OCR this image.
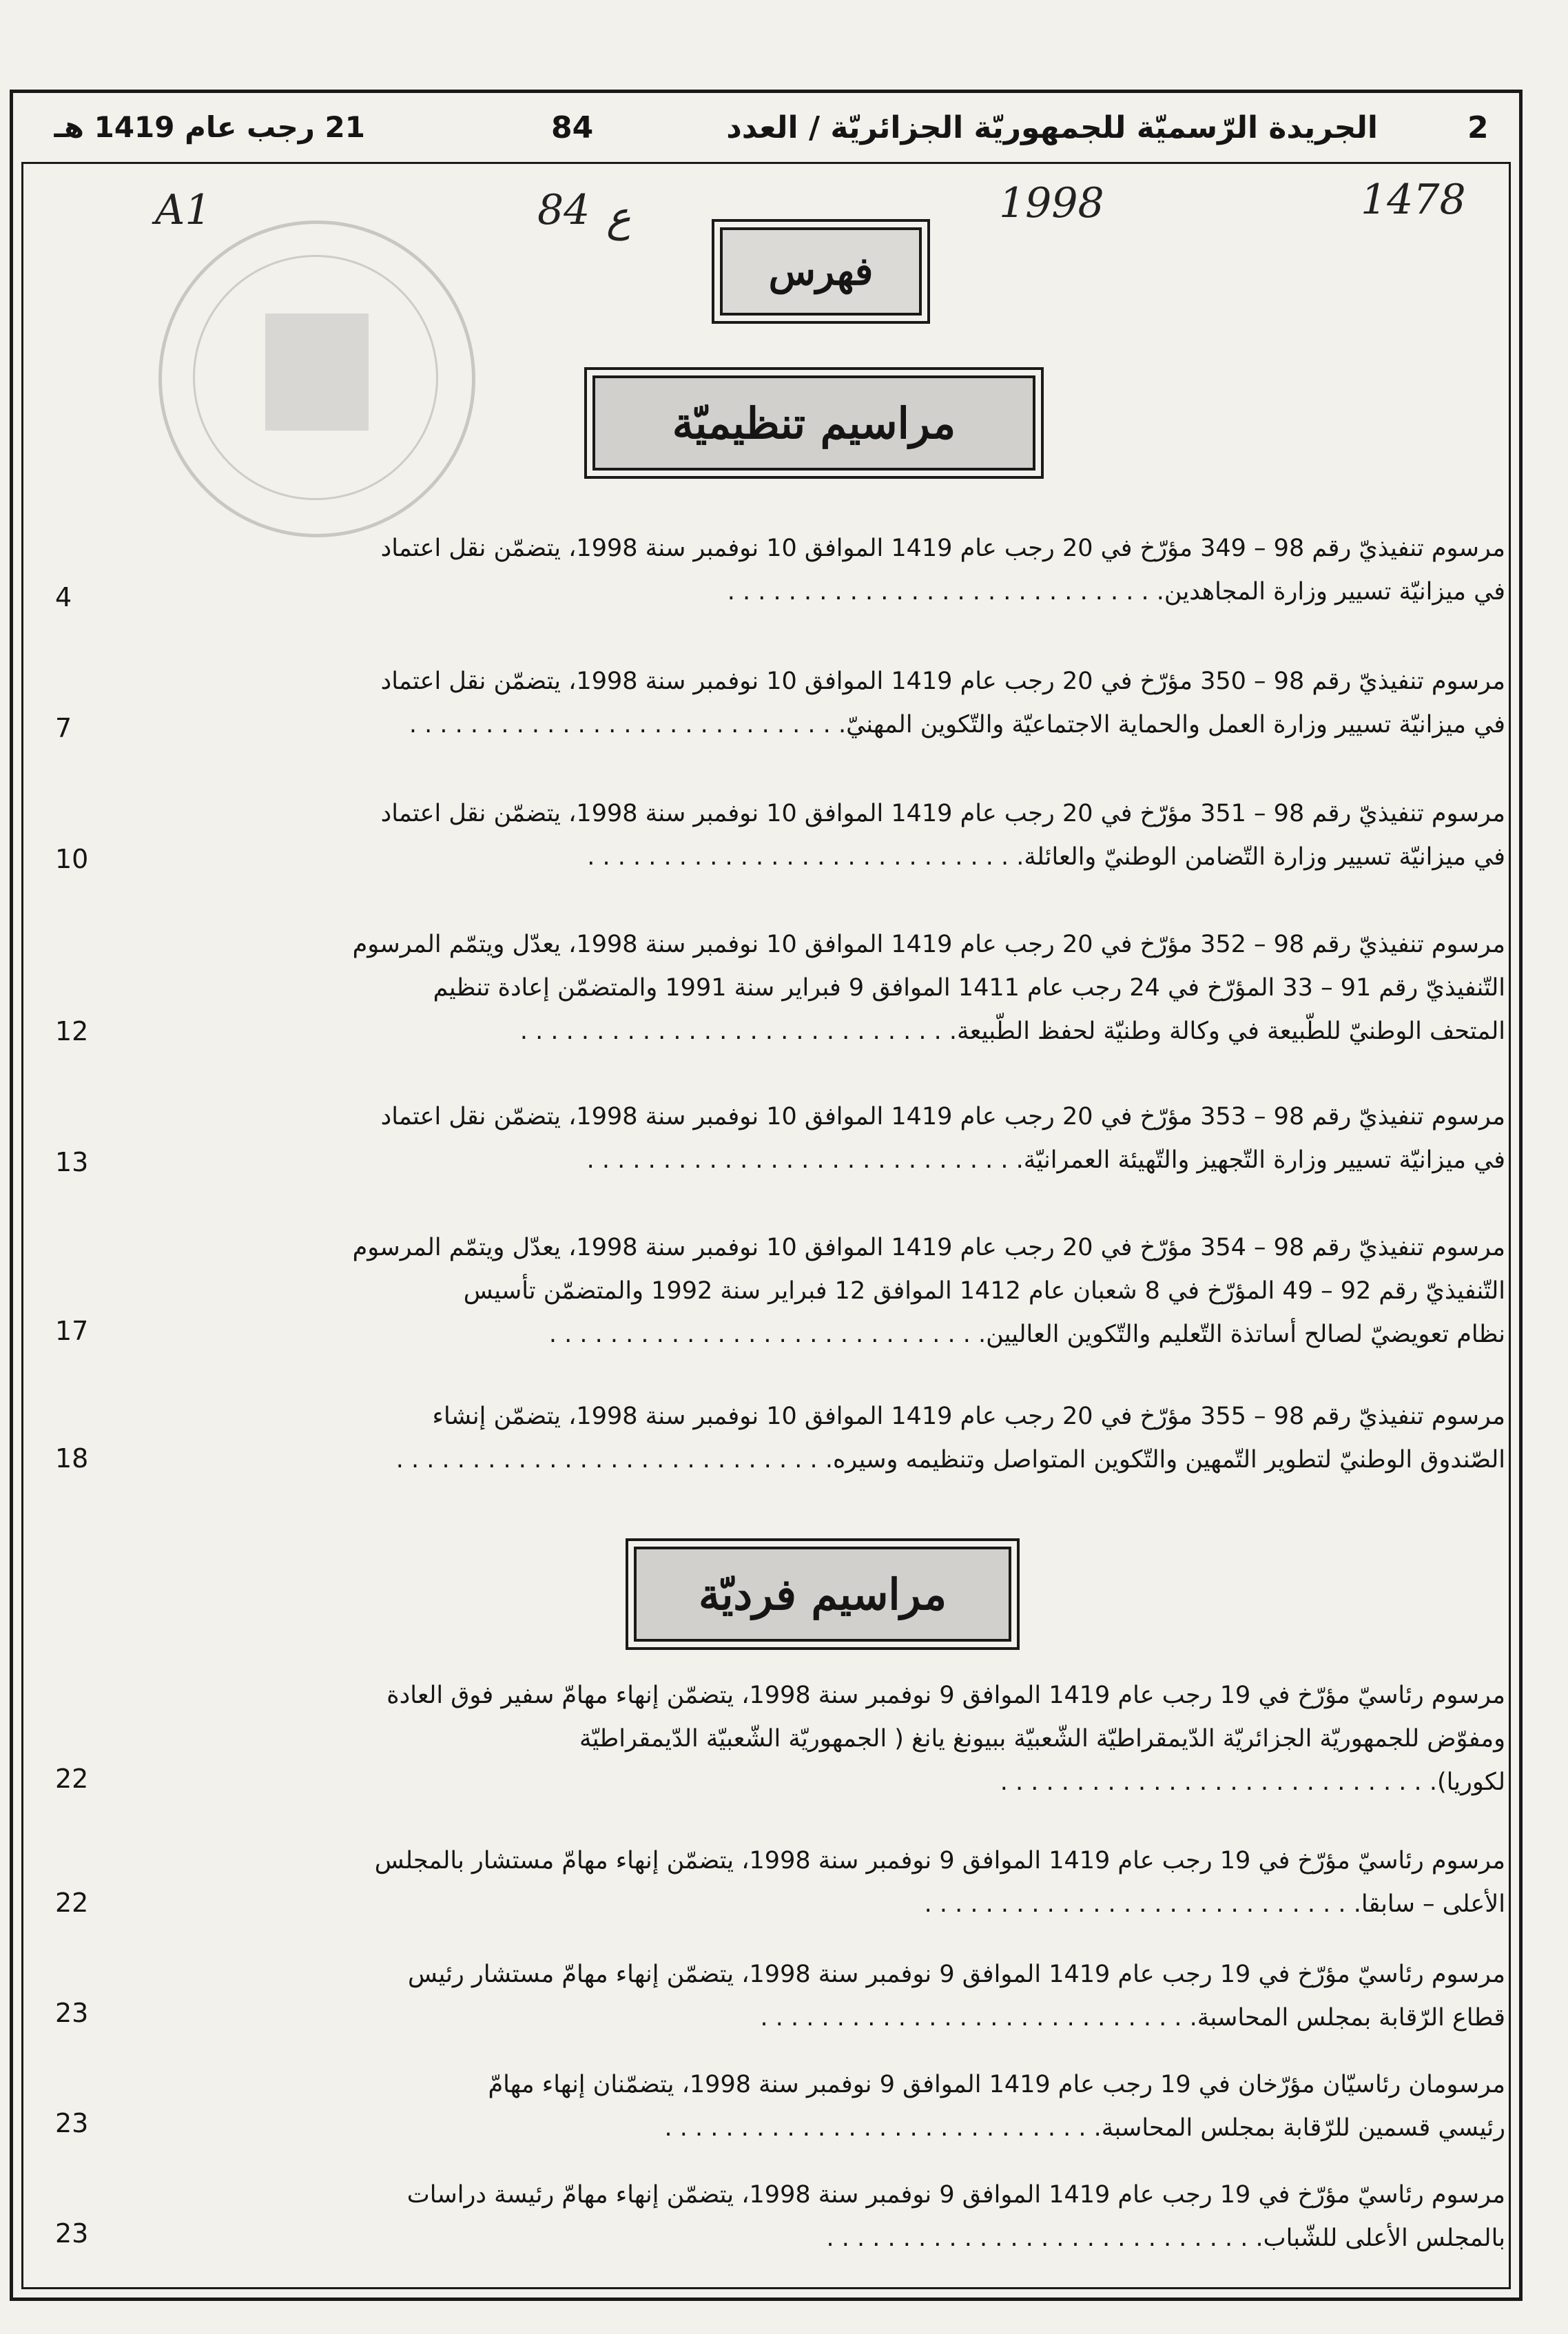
2
الجريدة الرّسميّة للجمهوريّة الجزائريّة / العدد
84
21 رجب عام 1419 هـ
A1	84 ع	1998	1478
فهرس
مراسيم تنظيميّة
مراسيم فرديّة

مرسوم تنفيذيّ رقم 98 – 349 مؤرّخ في 20 رجب عام 1419 الموافق 10 نوفمبر سنة 1998، يتضمّن نقل اعتماد

في ميزانيّة تسيير وزارة المجاهدين. . . . . . . . . . . . . . . . . . . . . . . . . . . . .

4

مرسوم تنفيذيّ رقم 98 – 350 مؤرّخ في 20 رجب عام 1419 الموافق 10 نوفمبر سنة 1998، يتضمّن نقل اعتماد

في ميزانيّة تسيير وزارة العمل والحماية الاجتماعيّة والتّكوين المهنيّ. . . . . . . . . . . . . . . . . . . . . . . . . . . . .

7

مرسوم تنفيذيّ رقم 98 – 351 مؤرّخ في 20 رجب عام 1419 الموافق 10 نوفمبر سنة 1998، يتضمّن نقل اعتماد

في ميزانيّة تسيير وزارة التّضامن الوطنيّ والعائلة. . . . . . . . . . . . . . . . . . . . . . . . . . . . .

10

مرسوم تنفيذيّ رقم 98 – 352 مؤرّخ في 20 رجب عام 1419 الموافق 10 نوفمبر سنة 1998، يعدّل ويتمّم المرسوم

التّنفيذيّ رقم 91 – 33 المؤرّخ في 24 رجب عام 1411 الموافق 9 فبراير سنة 1991 والمتضمّن إعادة تنظيم

المتحف الوطنيّ للطّبيعة في وكالة وطنيّة لحفظ الطّبيعة. . . . . . . . . . . . . . . . . . . . . . . . . . . . .

12

مرسوم تنفيذيّ رقم 98 – 353 مؤرّخ في 20 رجب عام 1419 الموافق 10 نوفمبر سنة 1998، يتضمّن نقل اعتماد

في ميزانيّة تسيير وزارة التّجهيز والتّهيئة العمرانيّة. . . . . . . . . . . . . . . . . . . . . . . . . . . . .

13

مرسوم تنفيذيّ رقم 98 – 354 مؤرّخ في 20 رجب عام 1419 الموافق 10 نوفمبر سنة 1998، يعدّل ويتمّم المرسوم

التّنفيذيّ رقم 92 – 49 المؤرّخ في 8 شعبان عام 1412 الموافق 12 فبراير سنة 1992 والمتضمّن تأسيس

نظام تعويضيّ لصالح أساتذة التّعليم والتّكوين العاليين. . . . . . . . . . . . . . . . . . . . . . . . . . . . .

17

مرسوم تنفيذيّ رقم 98 – 355 مؤرّخ في 20 رجب عام 1419 الموافق 10 نوفمبر سنة 1998، يتضمّن إنشاء

الصّندوق الوطنيّ لتطوير التّمهين والتّكوين المتواصل وتنظيمه وسيره. . . . . . . . . . . . . . . . . . . . . . . . . . . . .

18

مرسوم رئاسيّ مؤرّخ في 19 رجب عام 1419 الموافق 9 نوفمبر سنة 1998، يتضمّن إنهاء مهامّ سفير فوق العادة

ومفوّض للجمهوريّة الجزائريّة الدّيمقراطيّة الشّعبيّة ببيونغ يانغ ( الجمهوريّة الشّعبيّة الدّيمقراطيّة

لكوريا). . . . . . . . . . . . . . . . . . . . . . . . . . . . .

22

مرسوم رئاسيّ مؤرّخ في 19 رجب عام 1419 الموافق 9 نوفمبر سنة 1998، يتضمّن إنهاء مهامّ مستشار بالمجلس

الأعلى – سابقا. . . . . . . . . . . . . . . . . . . . . . . . . . . . .

22

مرسوم رئاسيّ مؤرّخ في 19 رجب عام 1419 الموافق 9 نوفمبر سنة 1998، يتضمّن إنهاء مهامّ مستشار رئيس

قطاع الرّقابة بمجلس المحاسبة. . . . . . . . . . . . . . . . . . . . . . . . . . . . .

23

مرسومان رئاسيّان مؤرّخان في 19 رجب عام 1419 الموافق 9 نوفمبر سنة 1998، يتضمّنان إنهاء مهامّ

رئيسي قسمين للرّقابة بمجلس المحاسبة. . . . . . . . . . . . . . . . . . . . . . . . . . . . .

23

مرسوم رئاسيّ مؤرّخ في 19 رجب عام 1419 الموافق 9 نوفمبر سنة 1998، يتضمّن إنهاء مهامّ رئيسة دراسات

بالمجلس الأعلى للشّباب. . . . . . . . . . . . . . . . . . . . . . . . . . . . .

23
